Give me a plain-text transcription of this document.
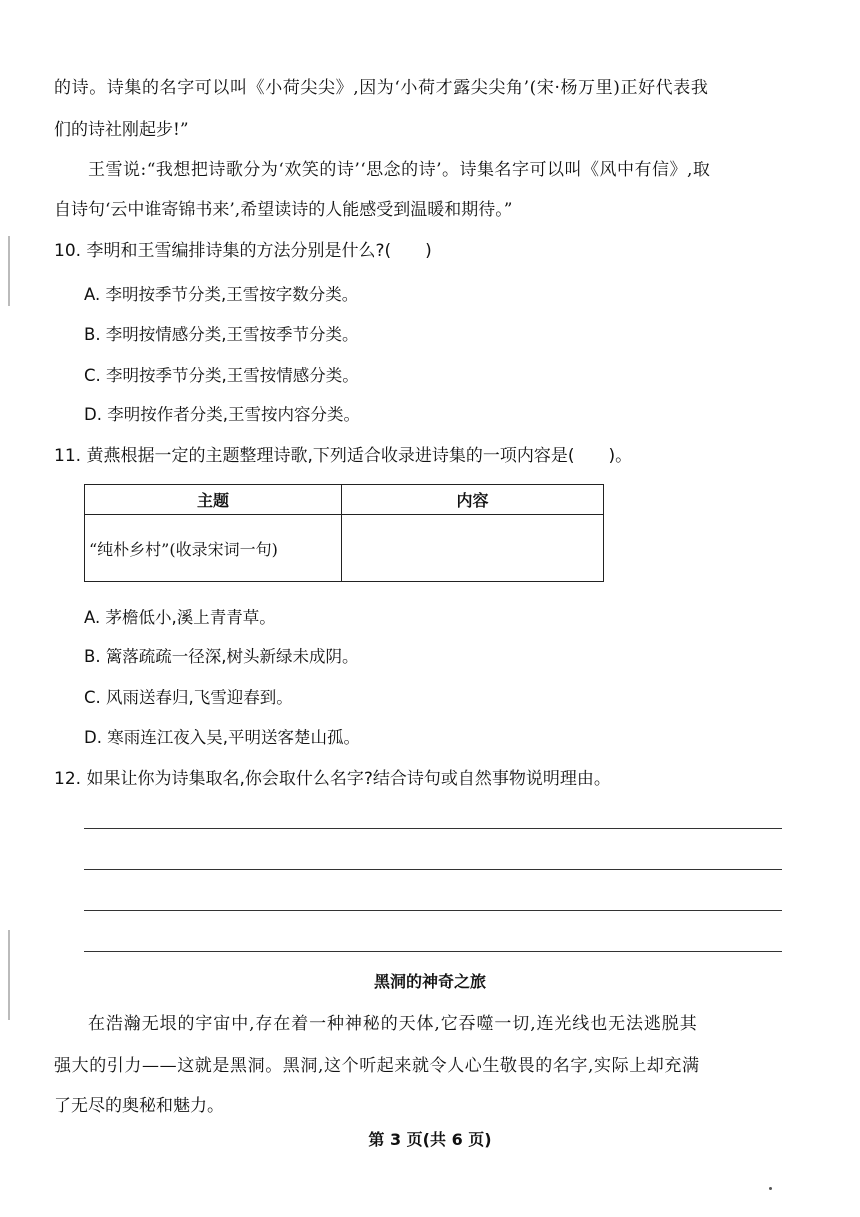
的诗。诗集的名字可以叫《小荷尖尖》,因为‘小荷才露尖尖角’(宋·杨万里)正好代表我
们的诗社刚起步!”
王雪说:“我想把诗歌分为‘欢笑的诗’‘思念的诗’。诗集名字可以叫《风中有信》,取
自诗句‘云中谁寄锦书来’,希望读诗的人能感受到温暖和期待。”
10. 李明和王雪编排诗集的方法分别是什么?(　　)
A. 李明按季节分类,王雪按字数分类。
B. 李明按情感分类,王雪按季节分类。
C. 李明按季节分类,王雪按情感分类。
D. 李明按作者分类,王雪按内容分类。
11. 黄燕根据一定的主题整理诗歌,下列适合收录进诗集的一项内容是(　　)。
主题	内容
“纯朴乡村”(收录宋词一句)	
A. 茅檐低小,溪上青青草。
B. 篱落疏疏一径深,树头新绿未成阴。
C. 风雨送春归,飞雪迎春到。
D. 寒雨连江夜入吴,平明送客楚山孤。
12. 如果让你为诗集取名,你会取什么名字?结合诗句或自然事物说明理由。
黑洞的神奇之旅
在浩瀚无垠的宇宙中,存在着一种神秘的天体,它吞噬一切,连光线也无法逃脱其
强大的引力——这就是黑洞。黑洞,这个听起来就令人心生敬畏的名字,实际上却充满
了无尽的奥秘和魅力。
第 3 页(共 6 页)
